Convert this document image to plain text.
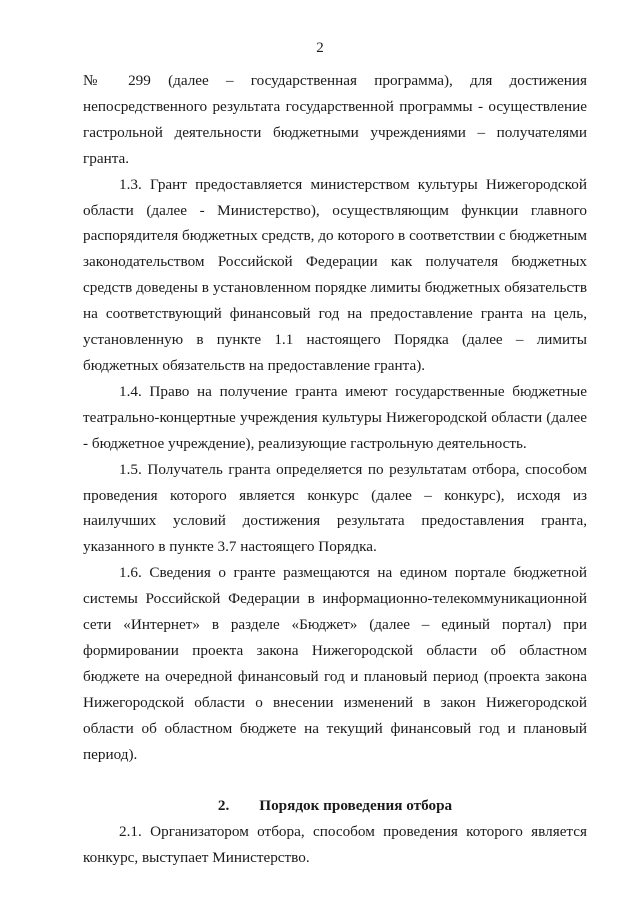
2

№ 299 (далее – государственная программа), для достижения непосредственного результата государственной программы - осуществление гастрольной деятельности бюджетными учреждениями – получателями гранта.

1.3. Грант предоставляется министерством культуры Нижегородской области (далее - Министерство), осуществляющим функции главного распорядителя бюджетных средств, до которого в соответствии с бюджетным законодательством Российской Федерации как получателя бюджетных средств доведены в установленном порядке лимиты бюджетных обязательств на соответствующий финансовый год на предоставление гранта на цель, установленную в пункте 1.1 настоящего Порядка (далее – лимиты бюджетных обязательств на предоставление гранта).

1.4. Право на получение гранта имеют государственные бюджетные театрально-концертные учреждения культуры Нижегородской области (далее - бюджетное учреждение), реализующие гастрольную деятельность.

1.5. Получатель гранта определяется по результатам отбора, способом проведения которого является конкурс (далее – конкурс), исходя из наилучших условий достижения результата предоставления гранта, указанного в пункте 3.7 настоящего Порядка.

1.6. Сведения о гранте размещаются на едином портале бюджетной системы Российской Федерации в информационно-телекоммуникационной сети «Интернет» в разделе «Бюджет» (далее – единый портал) при формировании проекта закона Нижегородской области об областном бюджете на очередной финансовый год и плановый период (проекта закона Нижегородской области о внесении изменений в закон Нижегородской области об областном бюджете на текущий финансовый год и плановый период).

2. Порядок проведения отбора

2.1. Организатором отбора, способом проведения которого является конкурс, выступает Министерство.
